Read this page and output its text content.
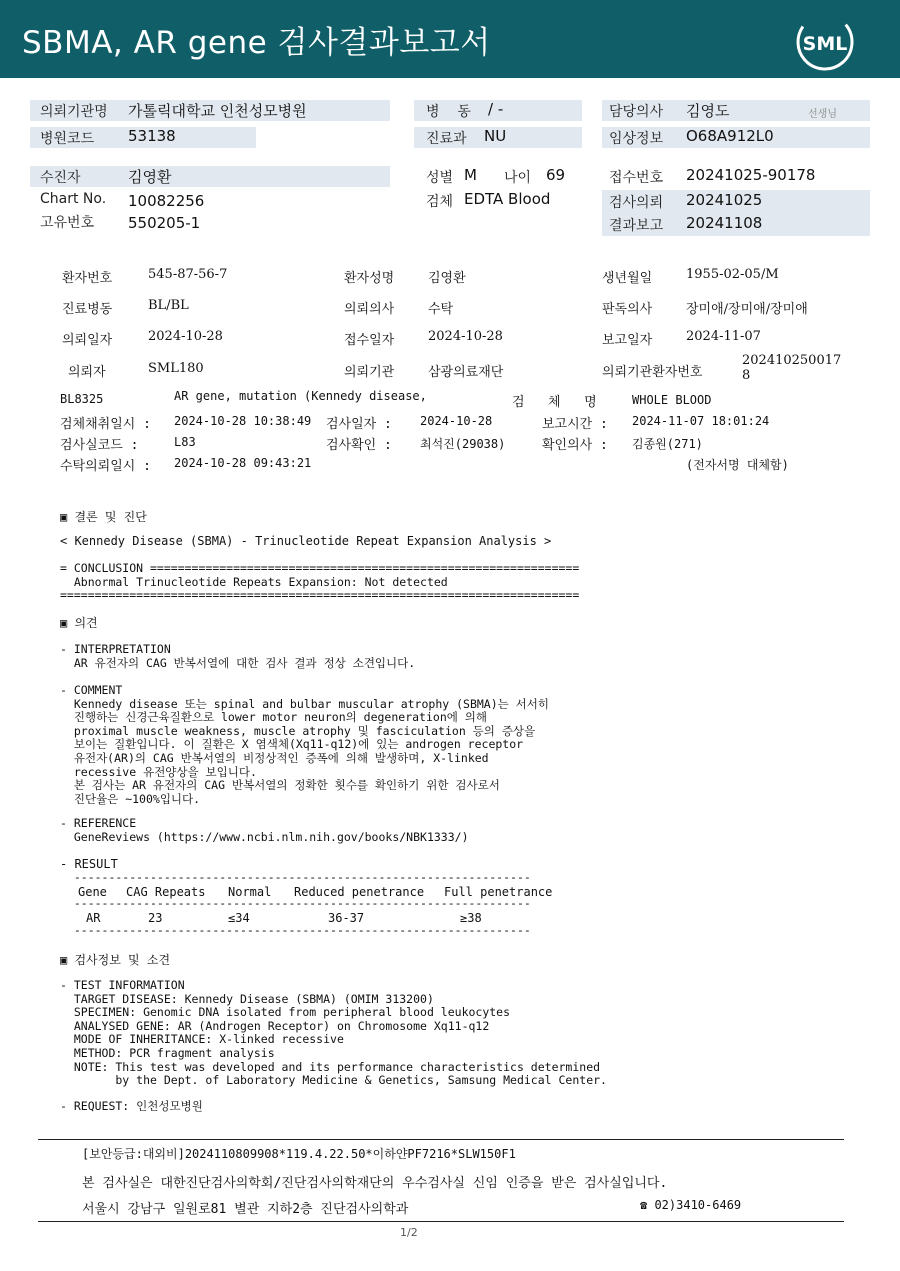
SBMA, AR gene 검사결과보고서	SML
의뢰기관명 가톨릭대학교 인천성모병원
병원코드 53138
병    동 / -
진료과 NU
담당의사 김영도	선생님
임상정보 O68A912L0
수진자	김영환
Chart No. 10082256
고유번호 550205-1
성별 M 나이 69
검체 EDTA Blood
접수번호 20241025-90178
검사의뢰 20241025
결과보고 20241108
환자번호	545-87-56-7	환자성명	김영환	생년월일	1955-02-05/M
진료병동	BL/BL	의뢰의사	수탁	판독의사	장미애/장미애/장미애
의뢰일자	2024-10-28	접수일자	2024-10-28	보고일자	2024-11-07
의뢰자	SML180	의뢰기관	삼광의료재단	의뢰기관환자번호
202410250017
8
BL8325	AR gene, mutation (Kennedy disease,	검   체   명	WHOLE BLOOD
검체채취일시 : 2024-10-28 10:38:49 검사일자 : 2024-10-28	보고시간 : 2024-11-07 18:01:24
검사실코드 :	L83	검사확인 : 최석진(29038)	확인의사 : 김종원(271)
수탁의뢰일시 : 2024-10-28 09:43:21	(전자서명 대체함)
▣ 결론 및 진단
< Kennedy Disease (SBMA) - Trinucleotide Repeat Expansion Analysis >
= CONCLUSION ==============================================================
Abnormal Trinucleotide Repeats Expansion: Not detected
===========================================================================
▣ 의견
- INTERPRETATION
AR 유전자의 CAG 반복서열에 대한 검사 결과 정상 소견입니다.
- COMMENT
Kennedy disease 또는 spinal and bulbar muscular atrophy (SBMA)는 서서히
진행하는 신경근육질환으로 lower motor neuron의 degeneration에 의해
proximal muscle weakness, muscle atrophy 및 fasciculation 등의 증상을
보이는 질환입니다. 이 질환은 X 염색체(Xq11-q12)에 있는 androgen receptor
유전자(AR)의 CAG 반복서열의 비정상적인 증폭에 의해 발생하며, X-linked
recessive 유전양상을 보입니다.
본 검사는 AR 유전자의 CAG 반복서열의 정확한 횟수를 확인하기 위한 검사로서
진단율은 ~100%입니다.
- REFERENCE
GeneReviews (https://www.ncbi.nlm.nih.gov/books/NBK1333/)
- RESULT
------------------------------------------------------------------
Gene CAG Repeats Normal Reduced penetrance Full penetrance
------------------------------------------------------------------
AR	23	≤34	36-37	≥38
------------------------------------------------------------------
▣ 검사정보 및 소견
- TEST INFORMATION
TARGET DISEASE: Kennedy Disease (SBMA) (OMIM 313200)
SPECIMEN: Genomic DNA isolated from peripheral blood leukocytes
ANALYSED GENE: AR (Androgen Receptor) on Chromosome Xq11-q12
MODE OF INHERITANCE: X-linked recessive
METHOD: PCR fragment analysis
NOTE: This test was developed and its performance characteristics determined
by the Dept. of Laboratory Medicine & Genetics, Samsung Medical Center.
- REQUEST: 인천성모병원
[보안등급:대외비]2024110809908*119.4.22.50*이하얀PF7216*SLW150F1
본 검사실은 대한진단검사의학회/진단검사의학재단의 우수검사실 신임 인증을 받은 검사실입니다.
서울시 강남구 일원로81 별관 지하2층 진단검사의학과	☎ 02)3410-6469
1/2
